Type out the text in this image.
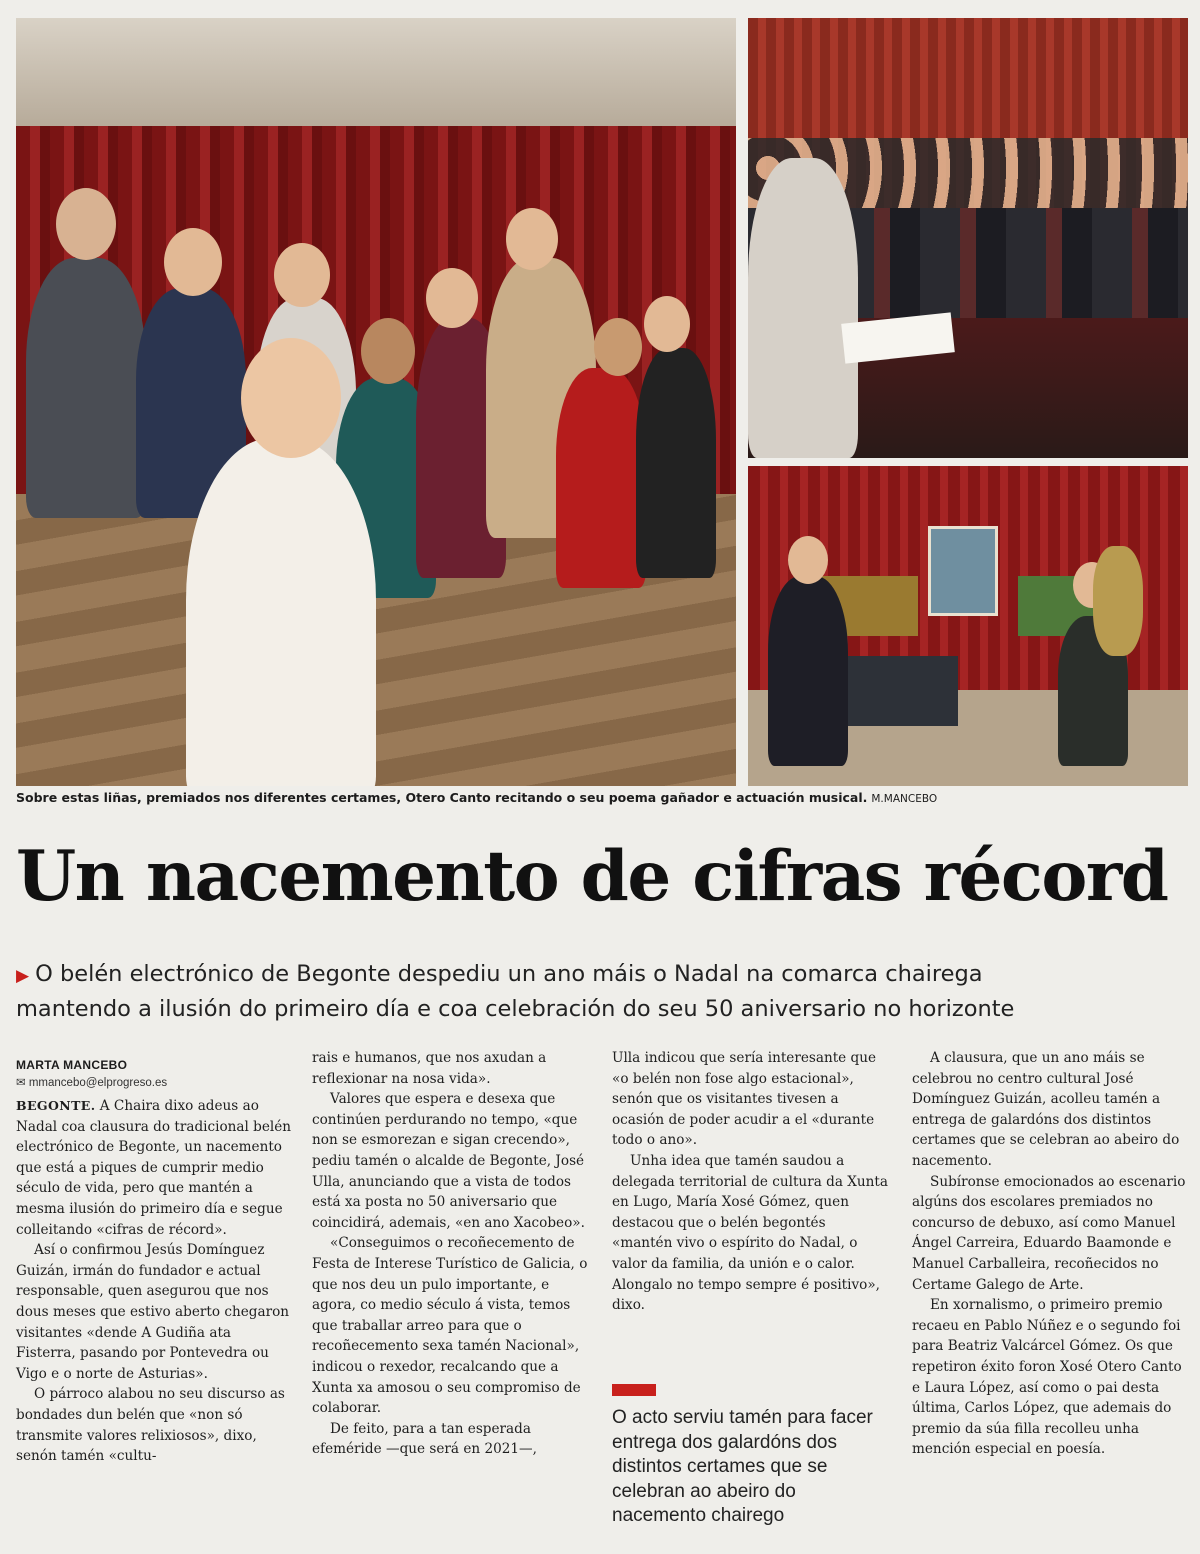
Sobre estas liñas, premiados nos diferentes certames, Otero Canto recitando o seu poema gañador e actuación musical. M.MANCEBO
Un nacemento de cifras récord
▶ O belén electrónico de Begonte despediu un ano máis o Nadal na comarca chairega
mantendo a ilusión do primeiro día e coa celebración do seu 50 aniversario no horizonte
MARTA MANCEBO
✉ mmancebo@elprogreso.es

BEGONTE. A Chaira dixo adeus ao Nadal coa clausura do tradicional belén electrónico de Begonte, un nacemento que está a piques de cumprir medio século de vida, pero que mantén a mesma ilusión do primeiro día e segue colleitando «cifras de récord».

Así o confirmou Jesús Domínguez Guizán, irmán do fundador e actual responsable, quen asegurou que nos dous meses que estivo aberto chegaron visitantes «dende A Gudiña ata Fisterra, pasando por Pontevedra ou Vigo e o norte de Asturias».

O párroco alabou no seu discurso as bondades dun belén que «non só transmite valores relixiosos», dixo, senón tamén «cultu-

rais e humanos, que nos axudan a reflexionar na nosa vida».

Valores que espera e desexa que continúen perdurando no tempo, «que non se esmorezan e sigan crecendo», pediu tamén o alcalde de Begonte, José Ulla, anunciando que a vista de todos está xa posta no 50 aniversario que coincidirá, ademais, «en ano Xacobeo».

«Conseguimos o recoñecemento de Festa de Interese Turístico de Galicia, o que nos deu un pulo importante, e agora, co medio século á vista, temos que traballar arreo para que o recoñecemento sexa tamén Nacional», indicou o rexedor, recalcando que a Xunta xa amosou o seu compromiso de colaborar.

De feito, para a tan esperada efeméride —que será en 2021—,

Ulla indicou que sería interesante que «o belén non fose algo estacional», senón que os visitantes tivesen a ocasión de poder acudir a el «durante todo o ano».

Unha idea que tamén saudou a delegada territorial de cultura da Xunta en Lugo, María Xosé Gómez, quen destacou que o belén begontés «mantén vivo o espírito do Nadal, o valor da familia, da unión e o calor. Alongalo no tempo sempre é positivo», dixo.

O acto serviu tamén para facer entrega dos galardóns dos distintos certames que se celebran ao abeiro do nacemento chairego

A clausura, que un ano máis se celebrou no centro cultural José Domínguez Guizán, acolleu tamén a entrega de galardóns dos distintos certames que se celebran ao abeiro do nacemento.

Subíronse emocionados ao escenario algúns dos escolares premiados no concurso de debuxo, así como Manuel Ángel Carreira, Eduardo Baamonde e Manuel Carballeira, recoñecidos no Certame Galego de Arte.

En xornalismo, o primeiro premio recaeu en Pablo Núñez e o segundo foi para Beatriz Valcárcel Gómez. Os que repetiron éxito foron Xosé Otero Canto e Laura López, así como o pai desta última, Carlos López, que ademais do premio da súa filla recolleu unha mención especial en poesía.
